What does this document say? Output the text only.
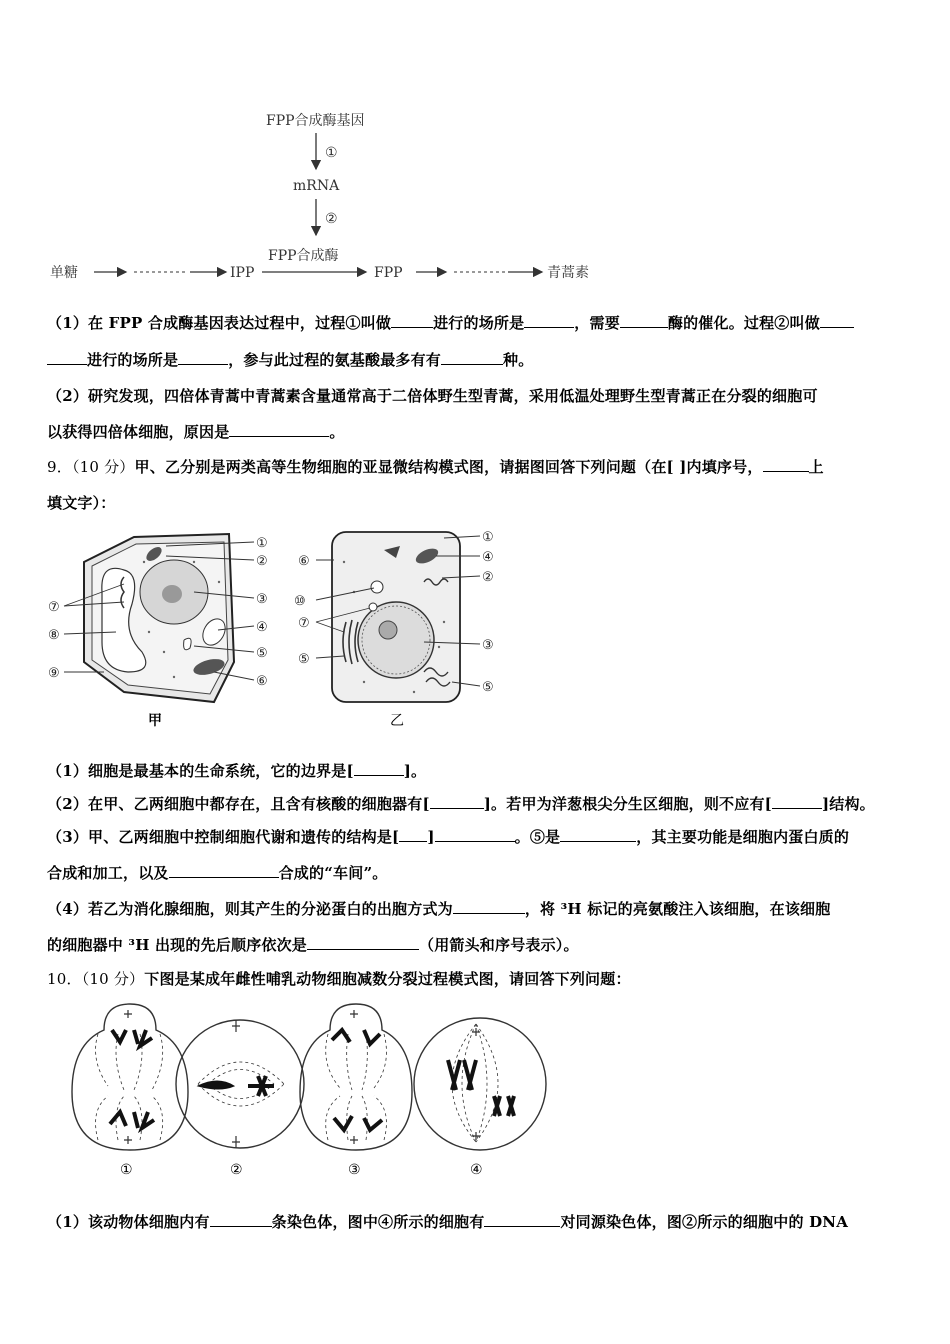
FPP合成酶基因
①
mRNA
②
FPP合成酶
单糖	IPP	FPP	青蒿素
（1）在 FPP 合成酶基因表达过程中，过程①叫做	进行的场所是	，需要	酶的催化。过程②叫做
进行的场所是	，参与此过程的氨基酸最多有有	种。
（2）研究发现，四倍体青蒿中青蒿素含量通常高于二倍体野生型青蒿，采用低温处理野生型青蒿正在分裂的细胞可
以获得四倍体细胞，原因是	。
9．（10 分）甲、乙分别是两类高等生物细胞的亚显微结构模式图，请据图回答下列问题（在[ ]内填序号，	上
填文字）：
①
②
③
④
⑤
⑥
⑦
⑧
⑨
甲
①
④
②
⑥
⑩
⑦
③
⑤
⑤
乙
（1）细胞是最基本的生命系统，它的边界是[	]。
（2）在甲、乙两细胞中都存在，且含有核酸的细胞器有[	]。若甲为洋葱根尖分生区细胞，则不应有[	]结构。
（3）甲、乙两细胞中控制细胞代谢和遗传的结构是[ ]	。⑤是	，其主要功能是细胞内蛋白质的
合成和加工，以及	合成的“车间”。
（4）若乙为消化腺细胞，则其产生的分泌蛋白的出胞方式为	，将 ³H 标记的亮氨酸注入该细胞，在该细胞
的细胞器中 ³H 出现的先后顺序依次是	（用箭头和序号表示）。
10．（10 分）下图是某成年雌性哺乳动物细胞减数分裂过程模式图，请回答下列问题：
①	②	③	④
（1）该动物体细胞内有	条染色体，图中④所示的细胞有	对同源染色体，图②所示的细胞中的 DNA
